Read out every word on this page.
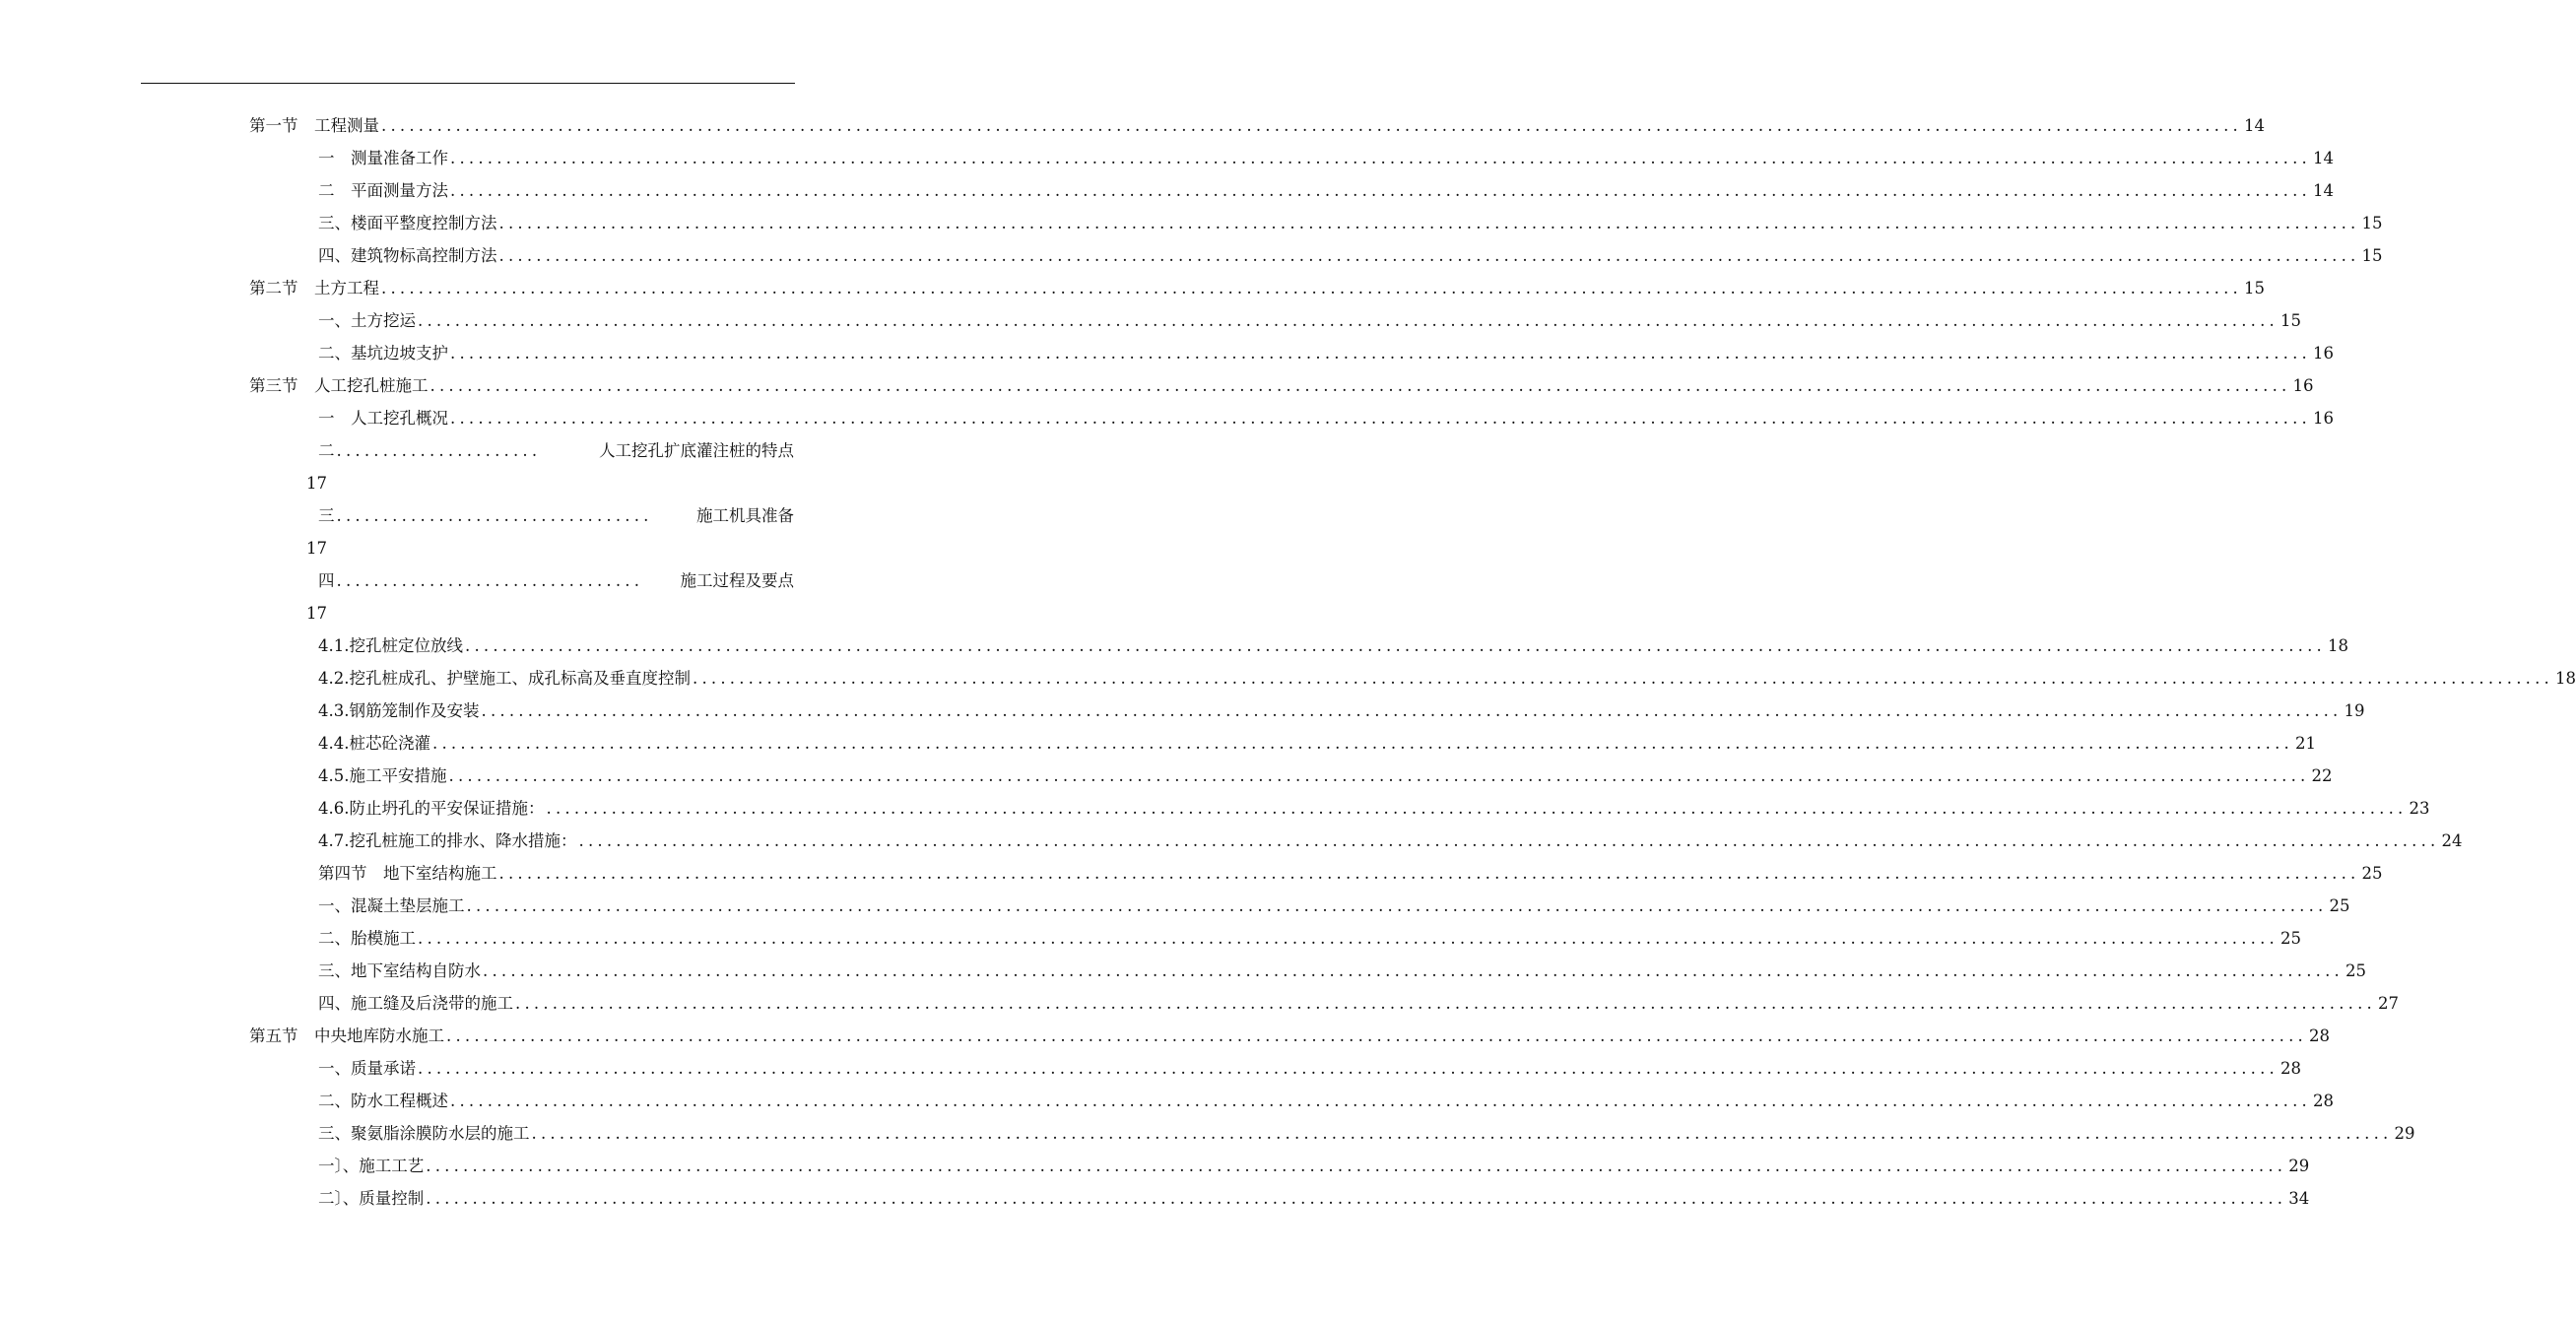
第一节　工程测量 ........................................................................................................................................................................................................ 14
一　测量准备工作 ........................................................................................................................................................................................................ 14
二　平面测量方法 ........................................................................................................................................................................................................ 14
三、楼面平整度控制方法 ........................................................................................................................................................................................................ 15
四、建筑物标高控制方法 ........................................................................................................................................................................................................ 15
第二节　土方工程 ........................................................................................................................................................................................................ 15
一、土方挖运 ........................................................................................................................................................................................................ 15
二、基坑边坡支护 ........................................................................................................................................................................................................ 16
第三节　人工挖孔桩施工 ........................................................................................................................................................................................................ 16
一　人工挖孔概况 ........................................................................................................................................................................................................ 16
二 ......................	人工挖孔扩底灌注桩的特点
17
三 ..................................	施工机具准备
17
四 ................................. 施工过程及要点
17
4.1.挖孔桩定位放线 ........................................................................................................................................................................................................ 18
4.2.挖孔桩成孔、护壁施工、成孔标高及垂直度控制 ........................................................................................................................................................................................................ 18
4.3.钢筋笼制作及安装 ........................................................................................................................................................................................................ 19
4.4.桩芯砼浇灌 ........................................................................................................................................................................................................ 21
4.5.施工平安措施 ........................................................................................................................................................................................................ 22
4.6.防止坍孔的平安保证措施： ........................................................................................................................................................................................................ 23
4.7.挖孔桩施工的排水、降水措施： ........................................................................................................................................................................................................ 24
第四节　地下室结构施工 ........................................................................................................................................................................................................ 25
一、混凝土垫层施工 ........................................................................................................................................................................................................ 25
二、胎模施工 ........................................................................................................................................................................................................ 25
三、地下室结构自防水 ........................................................................................................................................................................................................ 25
四、施工缝及后浇带的施工 ........................................................................................................................................................................................................ 27
第五节　中央地库防水施工 ........................................................................................................................................................................................................ 28
一、质量承诺 ........................................................................................................................................................................................................ 28
二、防水工程概述 ........................................................................................................................................................................................................ 28
三、聚氨脂涂膜防水层的施工 ........................................................................................................................................................................................................ 29
一〕、施工工艺 ........................................................................................................................................................................................................ 29
二〕、质量控制 ........................................................................................................................................................................................................ 34
